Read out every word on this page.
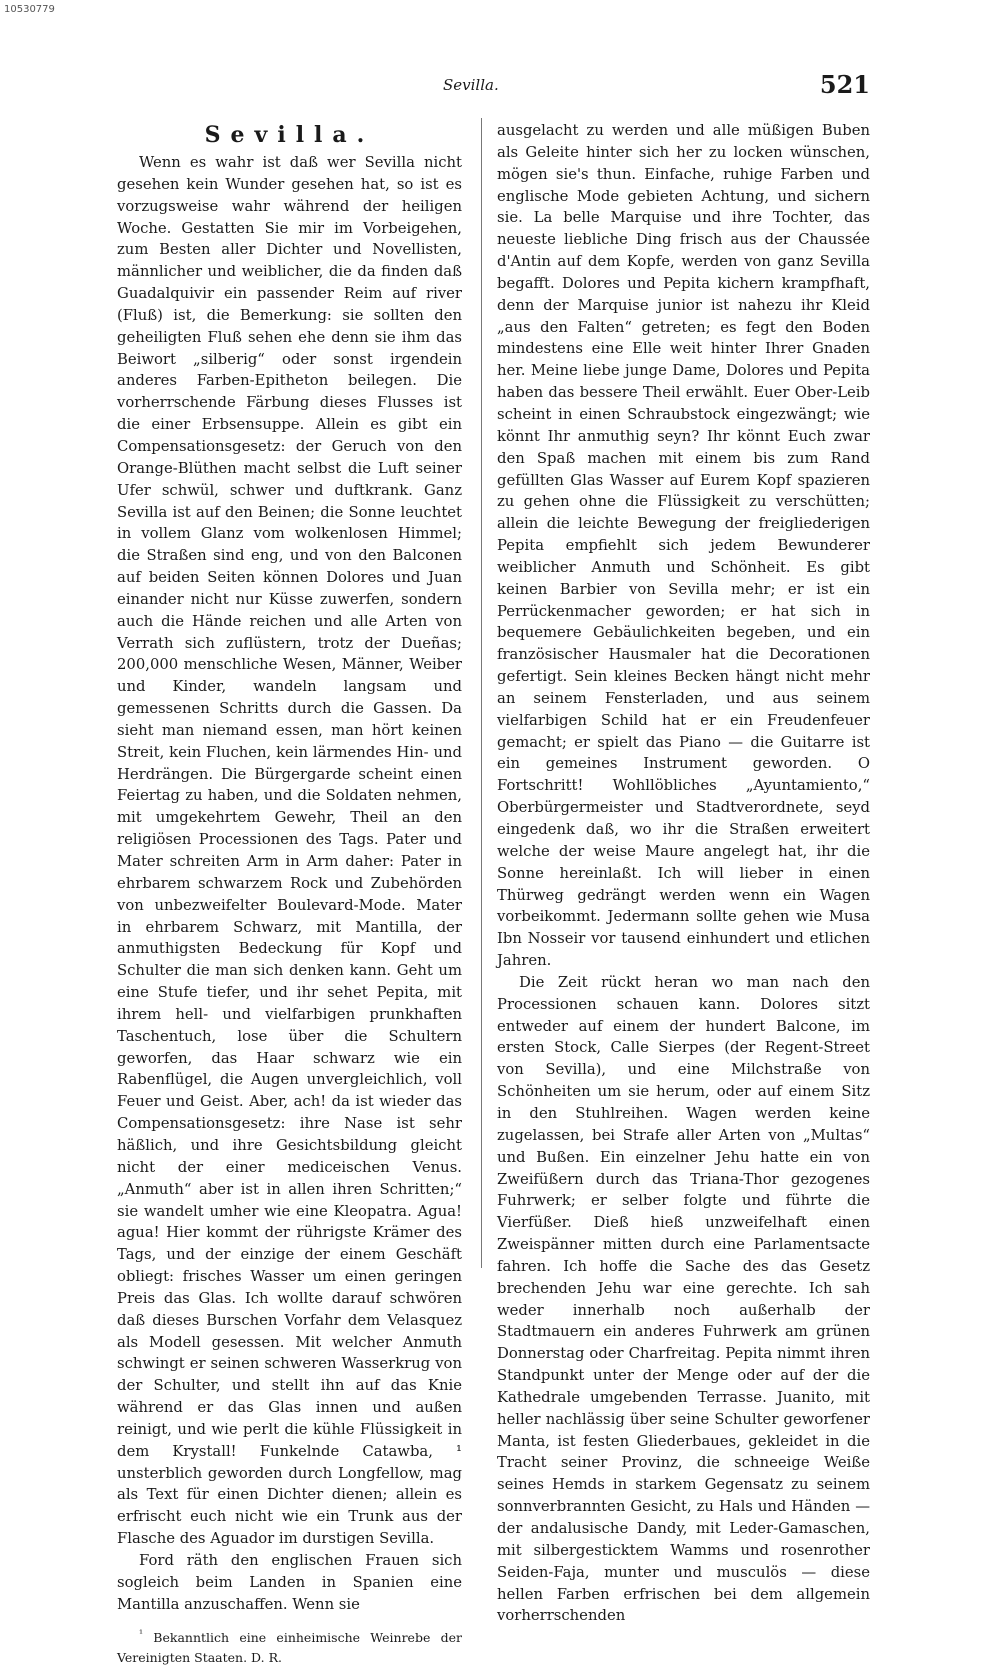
10530779
Sevilla.	521
Sevilla.

Wenn es wahr ist daß wer Sevilla nicht gesehen kein Wunder gesehen hat, so ist es vorzugsweise wahr während der heiligen Woche. Gestatten Sie mir im Vorbeigehen, zum Besten aller Dichter und Novellisten, männlicher und weiblicher, die da finden daß Guadalquivir ein passender Reim auf river (Fluß) ist, die Bemerkung: sie sollten den geheiligten Fluß sehen ehe denn sie ihm das Beiwort „silberig“ oder sonst irgendein anderes Farben-Epitheton beilegen. Die vorherrschende Färbung dieses Flusses ist die einer Erbsensuppe. Allein es gibt ein Compensationsgesetz: der Geruch von den Orange-Blüthen macht selbst die Luft seiner Ufer schwül, schwer und duftkrank. Ganz Sevilla ist auf den Beinen; die Sonne leuchtet in vollem Glanz vom wolkenlosen Himmel; die Straßen sind eng, und von den Balconen auf beiden Seiten können Dolores und Juan einander nicht nur Küsse zuwerfen, sondern auch die Hände reichen und alle Arten von Verrath sich zuflüstern, trotz der Dueñas; 200,000 menschliche Wesen, Männer, Weiber und Kinder, wandeln langsam und gemessenen Schritts durch die Gassen. Da sieht man niemand essen, man hört keinen Streit, kein Fluchen, kein lärmendes Hin- und Herdrängen. Die Bürgergarde scheint einen Feiertag zu haben, und die Soldaten nehmen, mit umgekehrtem Gewehr, Theil an den religiösen Processionen des Tags. Pater und Mater schreiten Arm in Arm daher: Pater in ehrbarem schwarzem Rock und Zubehörden von unbezweifelter Boulevard-Mode. Mater in ehrbarem Schwarz, mit Mantilla, der anmuthigsten Bedeckung für Kopf und Schulter die man sich denken kann. Geht um eine Stufe tiefer, und ihr sehet Pepita, mit ihrem hell- und vielfarbigen prunkhaften Taschentuch, lose über die Schultern geworfen, das Haar schwarz wie ein Rabenflügel, die Augen unvergleichlich, voll Feuer und Geist. Aber, ach! da ist wieder das Compensationsgesetz: ihre Nase ist sehr häßlich, und ihre Gesichtsbildung gleicht nicht der einer mediceischen Venus. „Anmuth“ aber ist in allen ihren Schritten;“ sie wandelt umher wie eine Kleopatra. Agua! agua! Hier kommt der rührigste Krämer des Tags, und der einzige der einem Geschäft obliegt: frisches Wasser um einen geringen Preis das Glas. Ich wollte darauf schwören daß dieses Burschen Vorfahr dem Velasquez als Modell gesessen. Mit welcher Anmuth schwingt er seinen schweren Wasserkrug von der Schulter, und stellt ihn auf das Knie während er das Glas innen und außen reinigt, und wie perlt die kühle Flüssigkeit in dem Krystall! Funkelnde Catawba, ¹ unsterblich geworden durch Longfellow, mag als Text für einen Dichter dienen; allein es erfrischt euch nicht wie ein Trunk aus der Flasche des Aguador im durstigen Sevilla.

Ford räth den englischen Frauen sich sogleich beim Landen in Spanien eine Mantilla anzuschaffen. Wenn sie

$^{^1}$ Bekanntlich eine einheimische Weinrebe der Vereinigten Staaten. D. R.

ausgelacht zu werden und alle müßigen Buben als Geleite hinter sich her zu locken wünschen, mögen sie's thun. Einfache, ruhige Farben und englische Mode gebieten Achtung, und sichern sie. La belle Marquise und ihre Tochter, das neueste liebliche Ding frisch aus der Chaussée d'Antin auf dem Kopfe, werden von ganz Sevilla begafft. Dolores und Pepita kichern krampfhaft, denn der Marquise junior ist nahezu ihr Kleid „aus den Falten“ getreten; es fegt den Boden mindestens eine Elle weit hinter Ihrer Gnaden her. Meine liebe junge Dame, Dolores und Pepita haben das bessere Theil erwählt. Euer Ober-Leib scheint in einen Schraubstock eingezwängt; wie könnt Ihr anmuthig seyn? Ihr könnt Euch zwar den Spaß machen mit einem bis zum Rand gefüllten Glas Wasser auf Eurem Kopf spazieren zu gehen ohne die Flüssigkeit zu verschütten; allein die leichte Bewegung der freigliederigen Pepita empfiehlt sich jedem Bewunderer weiblicher Anmuth und Schönheit. Es gibt keinen Barbier von Sevilla mehr; er ist ein Perrückenmacher geworden; er hat sich in bequemere Gebäulichkeiten begeben, und ein französischer Hausmaler hat die Decorationen gefertigt. Sein kleines Becken hängt nicht mehr an seinem Fensterladen, und aus seinem vielfarbigen Schild hat er ein Freudenfeuer gemacht; er spielt das Piano — die Guitarre ist ein gemeines Instrument geworden. O Fortschritt! Wohllöbliches „Ayuntamiento,“ Oberbürgermeister und Stadtverordnete, seyd eingedenk daß, wo ihr die Straßen erweitert welche der weise Maure angelegt hat, ihr die Sonne hereinlaßt. Ich will lieber in einen Thürweg gedrängt werden wenn ein Wagen vorbeikommt. Jedermann sollte gehen wie Musa Ibn Nosseir vor tausend einhundert und etlichen Jahren.

Die Zeit rückt heran wo man nach den Processionen schauen kann. Dolores sitzt entweder auf einem der hundert Balcone, im ersten Stock, Calle Sierpes (der Regent-Street von Sevilla), und eine Milchstraße von Schönheiten um sie herum, oder auf einem Sitz in den Stuhlreihen. Wagen werden keine zugelassen, bei Strafe aller Arten von „Multas“ und Bußen. Ein einzelner Jehu hatte ein von Zweifüßern durch das Triana-Thor gezogenes Fuhrwerk; er selber folgte und führte die Vierfüßer. Dieß hieß unzweifelhaft einen Zweispänner mitten durch eine Parlamentsacte fahren. Ich hoffe die Sache des das Gesetz brechenden Jehu war eine gerechte. Ich sah weder innerhalb noch außerhalb der Stadtmauern ein anderes Fuhrwerk am grünen Donnerstag oder Charfreitag. Pepita nimmt ihren Standpunkt unter der Menge oder auf der die Kathedrale umgebenden Terrasse. Juanito, mit heller nachlässig über seine Schulter geworfener Manta, ist festen Gliederbaues, gekleidet in die Tracht seiner Provinz, die schneeige Weiße seines Hemds in starkem Gegensatz zu seinem sonnverbrannten Gesicht, zu Hals und Händen — der andalusische Dandy, mit Leder-Gamaschen, mit silbergesticktem Wamms und rosenrother Seiden-Faja, munter und musculös — diese hellen Farben erfrischen bei dem allgemein vorherrschenden
